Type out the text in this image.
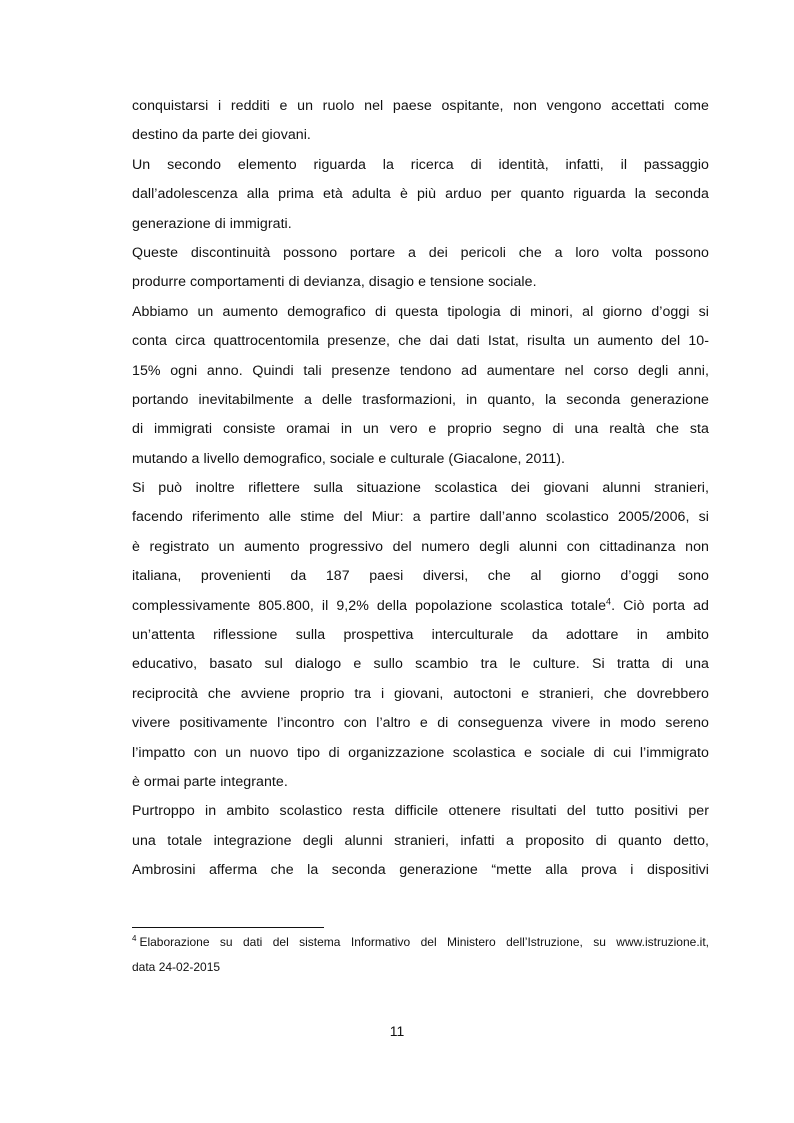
conquistarsi i redditi e un ruolo nel paese ospitante, non vengono accettati come
destino da parte dei giovani.
Un secondo elemento riguarda la ricerca di identità, infatti, il passaggio
dall’adolescenza alla prima età adulta è più arduo per quanto riguarda la seconda
generazione di immigrati.
Queste discontinuità possono portare a dei pericoli che a loro volta possono
produrre comportamenti di devianza, disagio e tensione sociale.
Abbiamo un aumento demografico di questa tipologia di minori, al giorno d’oggi si
conta circa quattrocentomila presenze, che dai dati Istat, risulta un aumento del 10-
15% ogni anno. Quindi tali presenze tendono ad aumentare nel corso degli anni,
portando inevitabilmente a delle trasformazioni, in quanto, la seconda generazione
di immigrati consiste oramai in un vero e proprio segno di una realtà che sta
mutando a livello demografico, sociale e culturale (Giacalone, 2011).
Si può inoltre riflettere sulla situazione scolastica dei giovani alunni stranieri,
facendo riferimento alle stime del Miur: a partire dall’anno scolastico 2005/2006, si
è registrato un aumento progressivo del numero degli alunni con cittadinanza non
italiana, provenienti da 187 paesi diversi, che al giorno d’oggi sono
complessivamente 805.800, il 9,2% della popolazione scolastica totale$^4$. Ciò porta ad
un’attenta riflessione sulla prospettiva interculturale da adottare in ambito
educativo, basato sul dialogo e sullo scambio tra le culture. Si tratta di una
reciprocità che avviene proprio tra i giovani, autoctoni e stranieri, che dovrebbero
vivere positivamente l’incontro con l’altro e di conseguenza vivere in modo sereno
l’impatto con un nuovo tipo di organizzazione scolastica e sociale di cui l’immigrato
è ormai parte integrante.
Purtroppo in ambito scolastico resta difficile ottenere risultati del tutto positivi per
una totale integrazione degli alunni stranieri, infatti a proposito di quanto detto,
Ambrosini afferma che la seconda generazione “mette alla prova i dispositivi
$^4$ Elaborazione su dati del sistema Informativo del Ministero dell’Istruzione, su www.istruzione.it,
data 24-02-2015
11
